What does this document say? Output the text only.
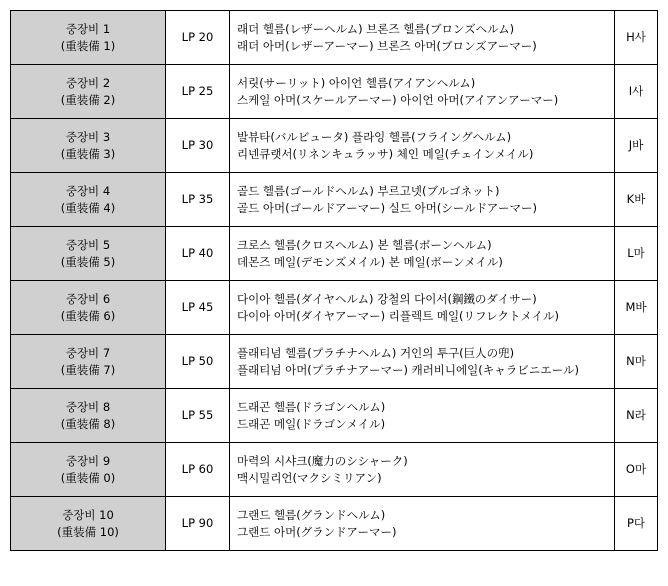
중장비 1
(重装備 1)	LP 20	래더 헬름(レザーヘルム) 브론즈 헬름(ブロンズヘルム)
래더 아머(レザーアーマー) 브론즈 아머(ブロンズアーマー)	H사

중장비 2
(重装備 2)	LP 25	서릿(サーリット) 아이언 헬름(アイアンヘルム)
스케일 아머(スケールアーマー) 아이언 아머(アイアンアーマー)	I사

중장비 3
(重装備 3)	LP 30	발뷰타(バルビュータ) 플라잉 헬름(フライングヘルム)
리넨큐랫서(リネンキュラッサ) 체인 메일(チェインメイル)	J바

중장비 4
(重装備 4)	LP 35	골드 헬름(ゴールドヘルム) 부르고넷(ブルゴネット)
골드 아머(ゴールドアーマー) 실드 아머(シールドアーマー)	K바

중장비 5
(重装備 5)	LP 40	크로스 헬름(クロスヘルム) 본 헬름(ボーンヘルム)
데몬즈 메일(デモンズメイル) 본 메일(ボーンメイル)	L마

중장비 6
(重装備 6)	LP 45	다이아 헬름(ダイヤヘルム) 강철의 다이서(鋼鐵のダイサー)
다이아 아머(ダイヤアーマー) 리플렉트 메일(リフレクトメイル)	M바

중장비 7
(重装備 7)	LP 50	플래티넘 헬름(プラチナヘルム) 거인의 투구(巨人の兜)
플래티넘 아머(プラチナアーマー) 캐러비니에일(キャラビニエール)	N마

중장비 8
(重装備 8)	LP 55	드래곤 헬름(ドラゴンヘルム)
드래곤 메일(ドラゴンメイル)	N라

중장비 9
(重装備 0)	LP 60	마력의 시샤크(魔力のシシャーク)
맥시밀리언(マクシミリアン)	O마

중장비 10
(重装備 10)	LP 90	그랜드 헬름(グランドヘルム)
그랜드 아머(グランドアーマー)	P다
